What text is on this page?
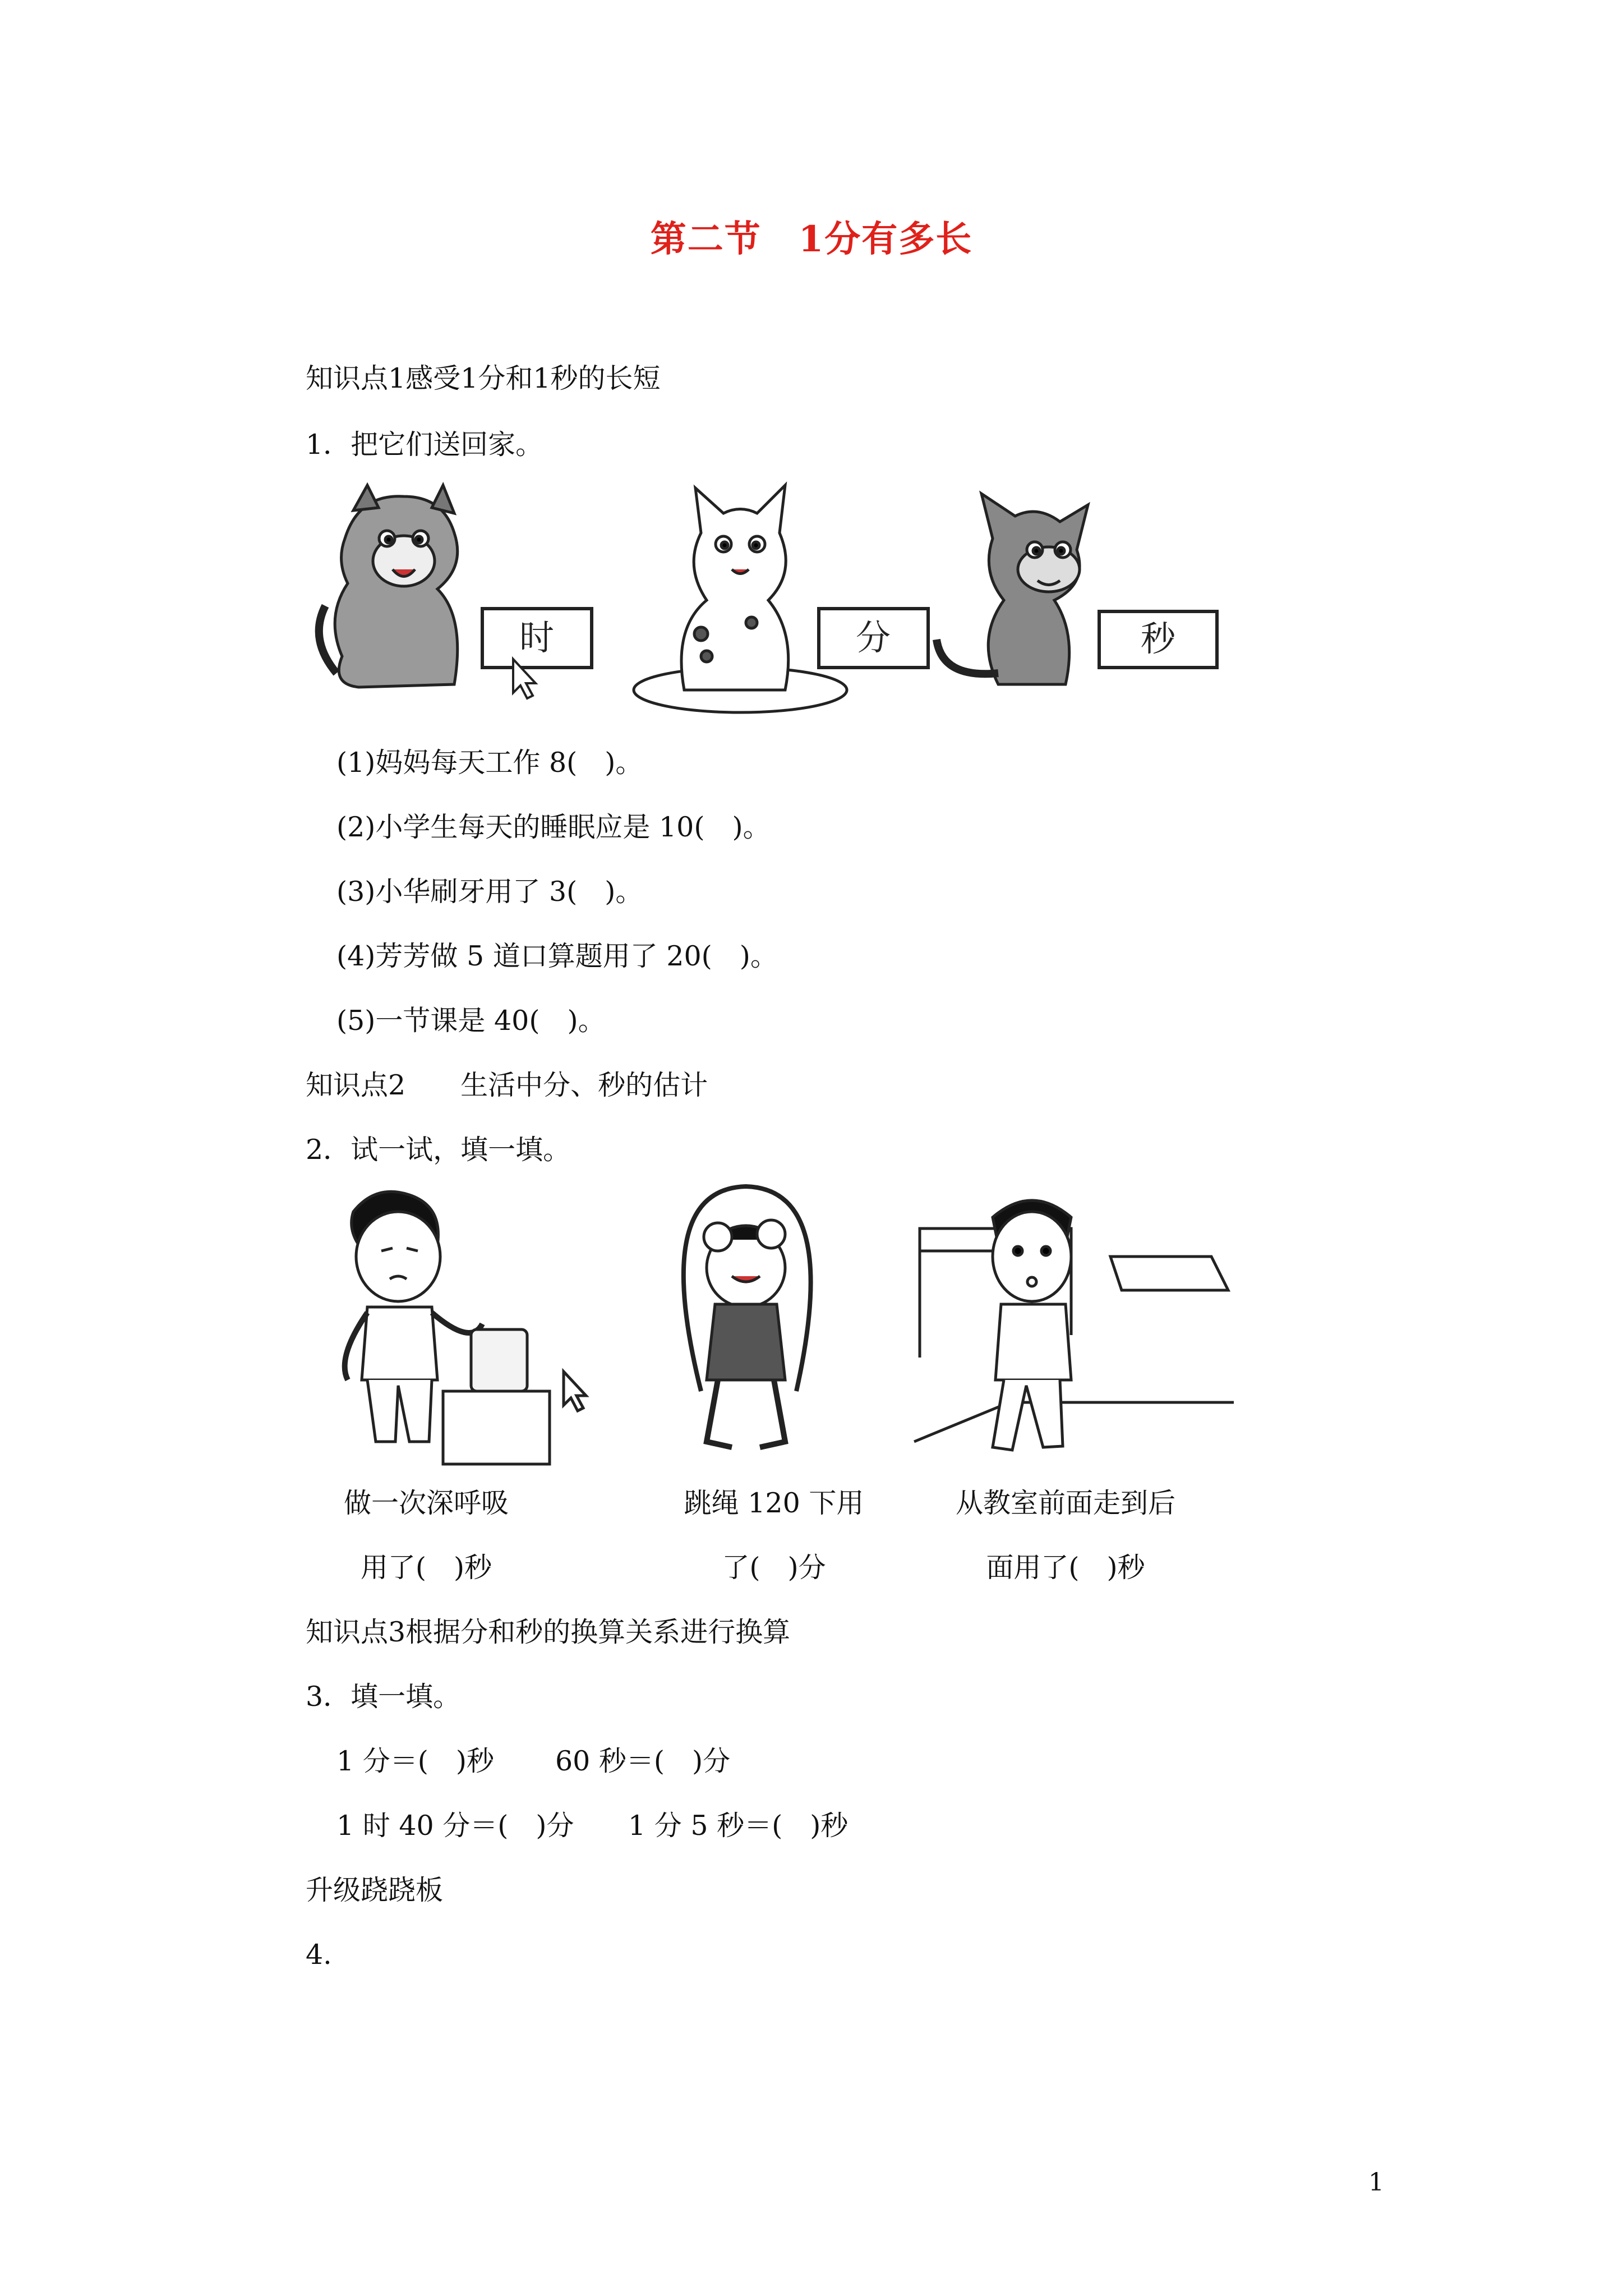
第二节　1分有多长
知识点1感受1分和1秒的长短
1．把它们送回家。
时	分	秒
(1)妈妈每天工作 8(　)。
(2)小学生每天的睡眠应是 10(　)。
(3)小华刷牙用了 3(　)。
(4)芳芳做 5 道口算题用了 20(　)。
(5)一节课是 40(　)。
知识点2　　生活中分、秒的估计
2．试一试，填一填。
做一次深呼吸
用了(　)秒
跳绳 120 下用
了(　)分
从教室前面走到后
面用了(　)秒
知识点3根据分和秒的换算关系进行换算
3．填一填。
1 分＝(　)秒 60 秒＝(　)分
1 时 40 分＝(　)分 1 分 5 秒＝(　)秒
升级跷跷板
4.
1
